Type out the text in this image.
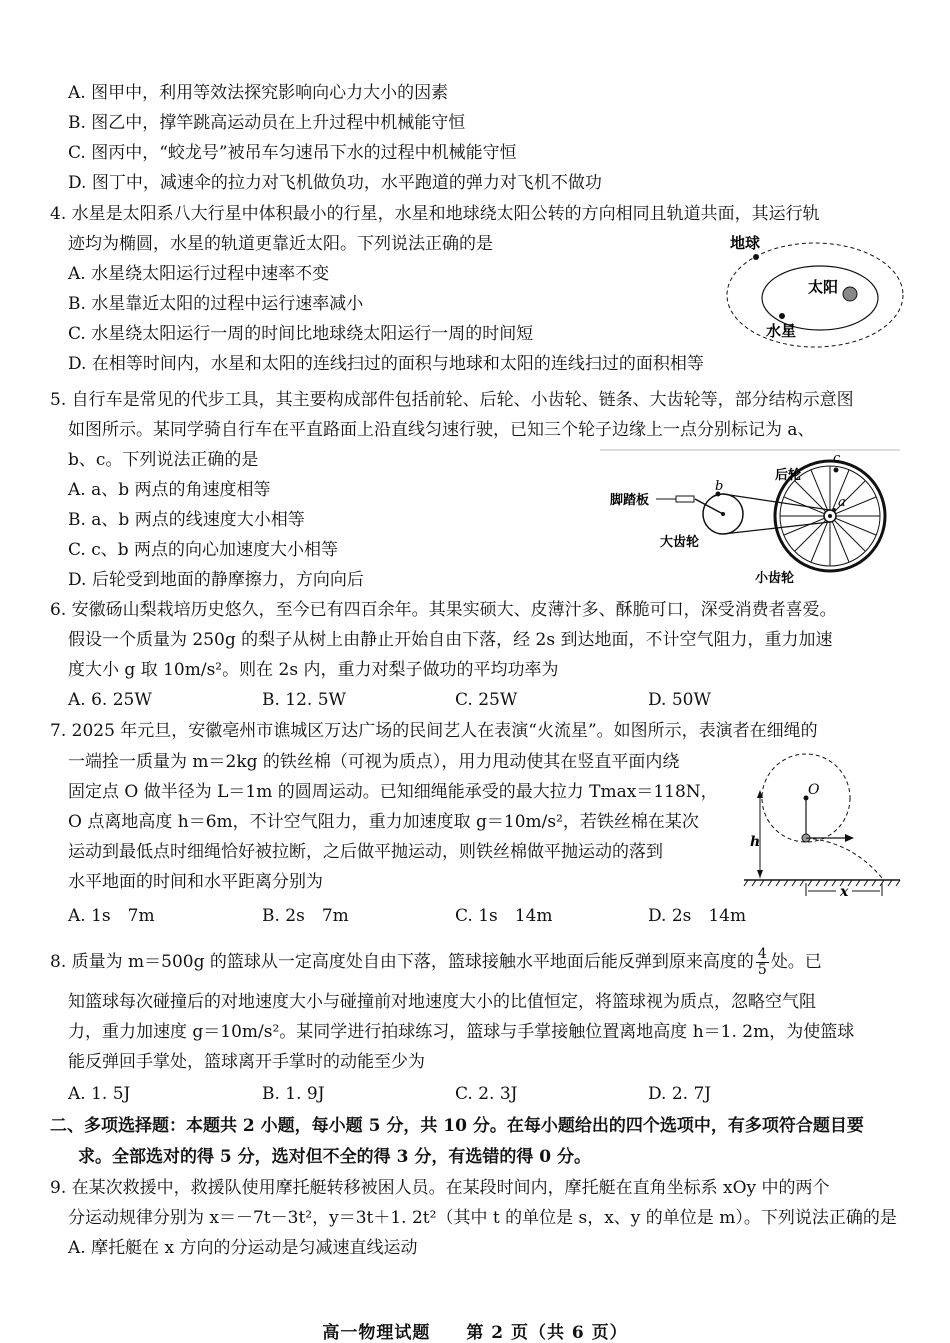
A. 图甲中，利用等效法探究影响向心力大小的因素
B. 图乙中，撑竿跳高运动员在上升过程中机械能守恒
C. 图丙中，“蛟龙号”被吊车匀速吊下水的过程中机械能守恒
D. 图丁中，减速伞的拉力对飞机做负功，水平跑道的弹力对飞机不做功
4. 水星是太阳系八大行星中体积最小的行星，水星和地球绕太阳公转的方向相同且轨道共面，其运行轨
迹均为椭圆，水星的轨道更靠近太阳。下列说法正确的是
A. 水星绕太阳运行过程中速率不变
B. 水星靠近太阳的过程中运行速率减小
C. 水星绕太阳运行一周的时间比地球绕太阳运行一周的时间短
D. 在相等时间内，水星和太阳的连线扫过的面积与地球和太阳的连线扫过的面积相等
地球
太阳
水星
5. 自行车是常见的代步工具，其主要构成部件包括前轮、后轮、小齿轮、链条、大齿轮等，部分结构示意图
如图所示。某同学骑自行车在平直路面上沿直线匀速行驶，已知三个轮子边缘上一点分别标记为 a、
b、c。下列说法正确的是
A. a、b 两点的角速度相等
B. a、b 两点的线速度大小相等
C. c、b 两点的向心加速度大小相等
D. 后轮受到地面的静摩擦力，方向向后
后轮
脚踏板
大齿轮
小齿轮
a
b
c
6. 安徽砀山梨栽培历史悠久，至今已有四百余年。其果实硕大、皮薄汁多、酥脆可口，深受消费者喜爱。
假设一个质量为 250g 的梨子从树上由静止开始自由下落，经 2s 到达地面，不计空气阻力，重力加速
度大小 g 取 10m/s²。则在 2s 内，重力对梨子做功的平均功率为
A. 6. 25W	B. 12. 5W	C. 25W	D. 50W
7. 2025 年元旦，安徽亳州市谯城区万达广场的民间艺人在表演“火流星”。如图所示，表演者在细绳的
一端拴一质量为 m＝2kg 的铁丝棉（可视为质点），用力甩动使其在竖直平面内绕
固定点 O 做半径为 L＝1m 的圆周运动。已知细绳能承受的最大拉力 Tmax＝118N，
O 点离地高度 h＝6m，不计空气阻力，重力加速度取 g＝10m/s²，若铁丝棉在某次
运动到最低点时细绳恰好被拉断，之后做平抛运动，则铁丝棉做平抛运动的落到
水平地面的时间和水平距离分别为
A. 1s　7m	B. 2s　7m	C. 1s　14m	D. 2s　14m
O
h
x
8. 质量为 m＝500g 的篮球从一定高度处自由下落，篮球接触水平地面后能反弹到原来高度的 $\frac{4}{5}$ 处。已
知篮球每次碰撞后的对地速度大小与碰撞前对地速度大小的比值恒定，将篮球视为质点，忽略空气阻
力，重力加速度 g＝10m/s²。某同学进行拍球练习，篮球与手掌接触位置离地高度 h＝1. 2m，为使篮球
能反弹回手掌处，篮球离开手掌时的动能至少为
A. 1. 5J	B. 1. 9J	C. 2. 3J	D. 2. 7J
二、多项选择题：本题共 2 小题，每小题 5 分，共 10 分。在每小题给出的四个选项中，有多项符合题目要
求。全部选对的得 5 分，选对但不全的得 3 分，有选错的得 0 分。
9. 在某次救援中，救援队使用摩托艇转移被困人员。在某段时间内，摩托艇在直角坐标系 xOy 中的两个
分运动规律分别为 x＝－7t－3t²，y＝3t＋1. 2t²（其中 t 的单位是 s，x、y 的单位是 m）。下列说法正确的是
A. 摩托艇在 x 方向的分运动是匀减速直线运动
高一物理试题　　第 2 页（共 6 页）
